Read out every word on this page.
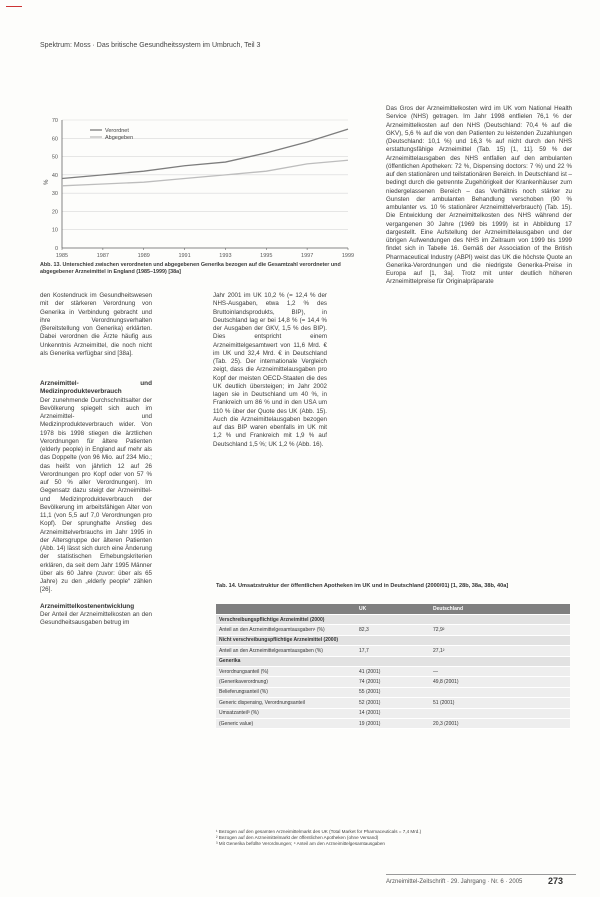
Spektrum: Moss · Das britische Gesundheitssystem im Umbruch, Teil 3
0
10
20
30
40
50
60
70
1985	1987	1989	1991	1993	1995	1997	1999
%
Verordnet
Abgegeben
Abb. 13. Unterschied zwischen verordneten und abgegebenen Generika bezogen auf die Gesamtzahl verordneter und abgegebener Arzneimittel in England (1985–1999) [38a]

den Kostendruck im Gesundheitswesen mit der stärkeren Verordnung von Generika in Verbindung gebracht und ihre Verordnungsverhalten (Bereitstellung von Generika) erklärten. Dabei verordnen die Ärzte häufig aus Unkenntnis Arzneimittel, die noch nicht als Generika verfügbar sind [38a].

Arzneimittel- und Medizinprodukteverbrauch

Der zunehmende Durchschnittsalter der Bevölkerung spiegelt sich auch im Arzneimittel- und Medizinprodukteverbrauch wider. Von 1978 bis 1998 stiegen die ärztlichen Verordnungen für ältere Patienten (elderly people) in England auf mehr als das Doppelte (von 96 Mio. auf 234 Mio.; das heißt von jährlich 12 auf 26 Verordnungen pro Kopf oder von 57 % auf 50 % aller Verordnungen). Im Gegensatz dazu steigt der Arzneimittel- und Medizinprodukteverbrauch der Bevölkerung im arbeitsfähigen Alter von 11,1 (von 5,5 auf 7,0 Verordnungen pro Kopf). Der sprunghafte Anstieg des Arzneimittelverbrauchs im Jahr 1995 in der Altersgruppe der älteren Patienten (Abb. 14) lässt sich durch eine Änderung der statistischen Erhebungskriterien erklären, da seit dem Jahr 1995 Männer über als 60 Jahre (zuvor: über als 65 Jahre) zu den „elderly people“ zählen [26].

Arzneimittelkostenentwicklung

Der Anteil der Arzneimittelkosten an den Gesundheitsausgaben betrug im

Jahr 2001 im UK 10,2 % (= 12,4 % der NHS-Ausgaben, etwa 1,2 % des Bruttoinlandsprodukts, BIP), in Deutschland lag er bei 14,8 % (= 14,4 % der Ausgaben der GKV, 1,5 % des BIP). Dies entspricht einem Arzneimittelgesamtwert von 11,6 Mrd. € im UK und 32,4 Mrd. € in Deutschland (Tab. 25). Der internationale Vergleich zeigt, dass die Arzneimittelausgaben pro Kopf der meisten OECD-Staaten die des UK deutlich übersteigen; im Jahr 2002 lagen sie in Deutschland um 40 %, in Frankreich um 86 % und in den USA um 110 % über der Quote des UK (Abb. 15). Auch die Arzneimittelausgaben bezogen auf das BIP waren ebenfalls im UK mit 1,2 % und Frankreich mit 1,9 % auf Deutschland 1,5 %; UK 1,2 % (Abb. 16).

Das Gros der Arzneimittelkosten wird im UK vom National Health Service (NHS) getragen. Im Jahr 1998 entfielen 76,1 % der Arzneimittelkosten auf den NHS (Deutschland: 70,4 % auf die GKV), 5,6 % auf die von den Patienten zu leistenden Zuzahlungen (Deutschland: 10,1 %) und 16,3 % auf nicht durch den NHS erstattungsfähige Arzneimittel (Tab. 15) [1, 11]. 59 % der Arzneimittelausgaben des NHS entfallen auf den ambulanten (öffentlichen Apotheken: 72 %, Dispensing doctors: 7 %) und 22 % auf den stationären und teilstationären Bereich. In Deutschland ist – bedingt durch die getrennte Zugehörigkeit der Krankenhäuser zum niedergelassenen Bereich – das Verhältnis noch stärker zu Gunsten der ambulanten Behandlung verschoben (90 % ambulanter vs. 10 % stationärer Arzneimittelverbrauch) (Tab. 15). Die Entwicklung der Arzneimittelkosten des NHS während der vergangenen 30 Jahre (1969 bis 1999) ist in Abbildung 17 dargestellt. Eine Aufstellung der Arzneimittelausgaben und der übrigen Aufwendungen des NHS im Zeitraum von 1999 bis 1999 findet sich in Tabelle 16. Gemäß der Association of the British Pharmaceutical Industry (ABPI) weist das UK die höchste Quote an Generika-Verordnungen und die niedrigste Generika-Preise in Europa auf [1, 3a]. Trotz mit unter deutlich höheren Arzneimittelpreise für Originalpräparate

Tab. 14. Umsatzstruktur der öffentlichen Apotheken im UK und in Deutschland (2000/01) [1, 28b, 38a, 38b, 40a]
	UK	Deutschland
Verschreibungspflichtige Arzneimittel (2000)		
Anteil an den Arzneimittelgesamtausgaben¹ (%)	82,3	72,9²
Nicht verschreibungspflichtige Arzneimittel (2000)		
Anteil an den Arzneimittelgesamtausgaben (%)	17,7	27,1²
Generika		
Verordnungsanteil (%)	41 (2001)	—
(Generikaverordnung)	74 (2001)	49,8 (2001)
Belieferungsanteil (%)	55 (2001)	
Generic dispensing, Verordnungsanteil	52 (2001)	51 (2001)
Umsatzanteil³ (%)	14 (2001)	
(Generic value)	19 (2001)	20,3 (2001)
¹ Bezogen auf den gesamten Arzneimittelmarkt des UK (Total Market for Pharmaceuticals = 7,4 Mrd.)
² Bezogen auf den Arzneimittelmarkt der öffentlichen Apotheken (ohne Versand)
³ Mit Generika befüllte Verordnungen; ⁴ Anteil am den Arzneimittelgesamtausgaben
Arzneimittel-Zeitschrift · 29. Jahrgang · Nr. 6 · 2005	273
